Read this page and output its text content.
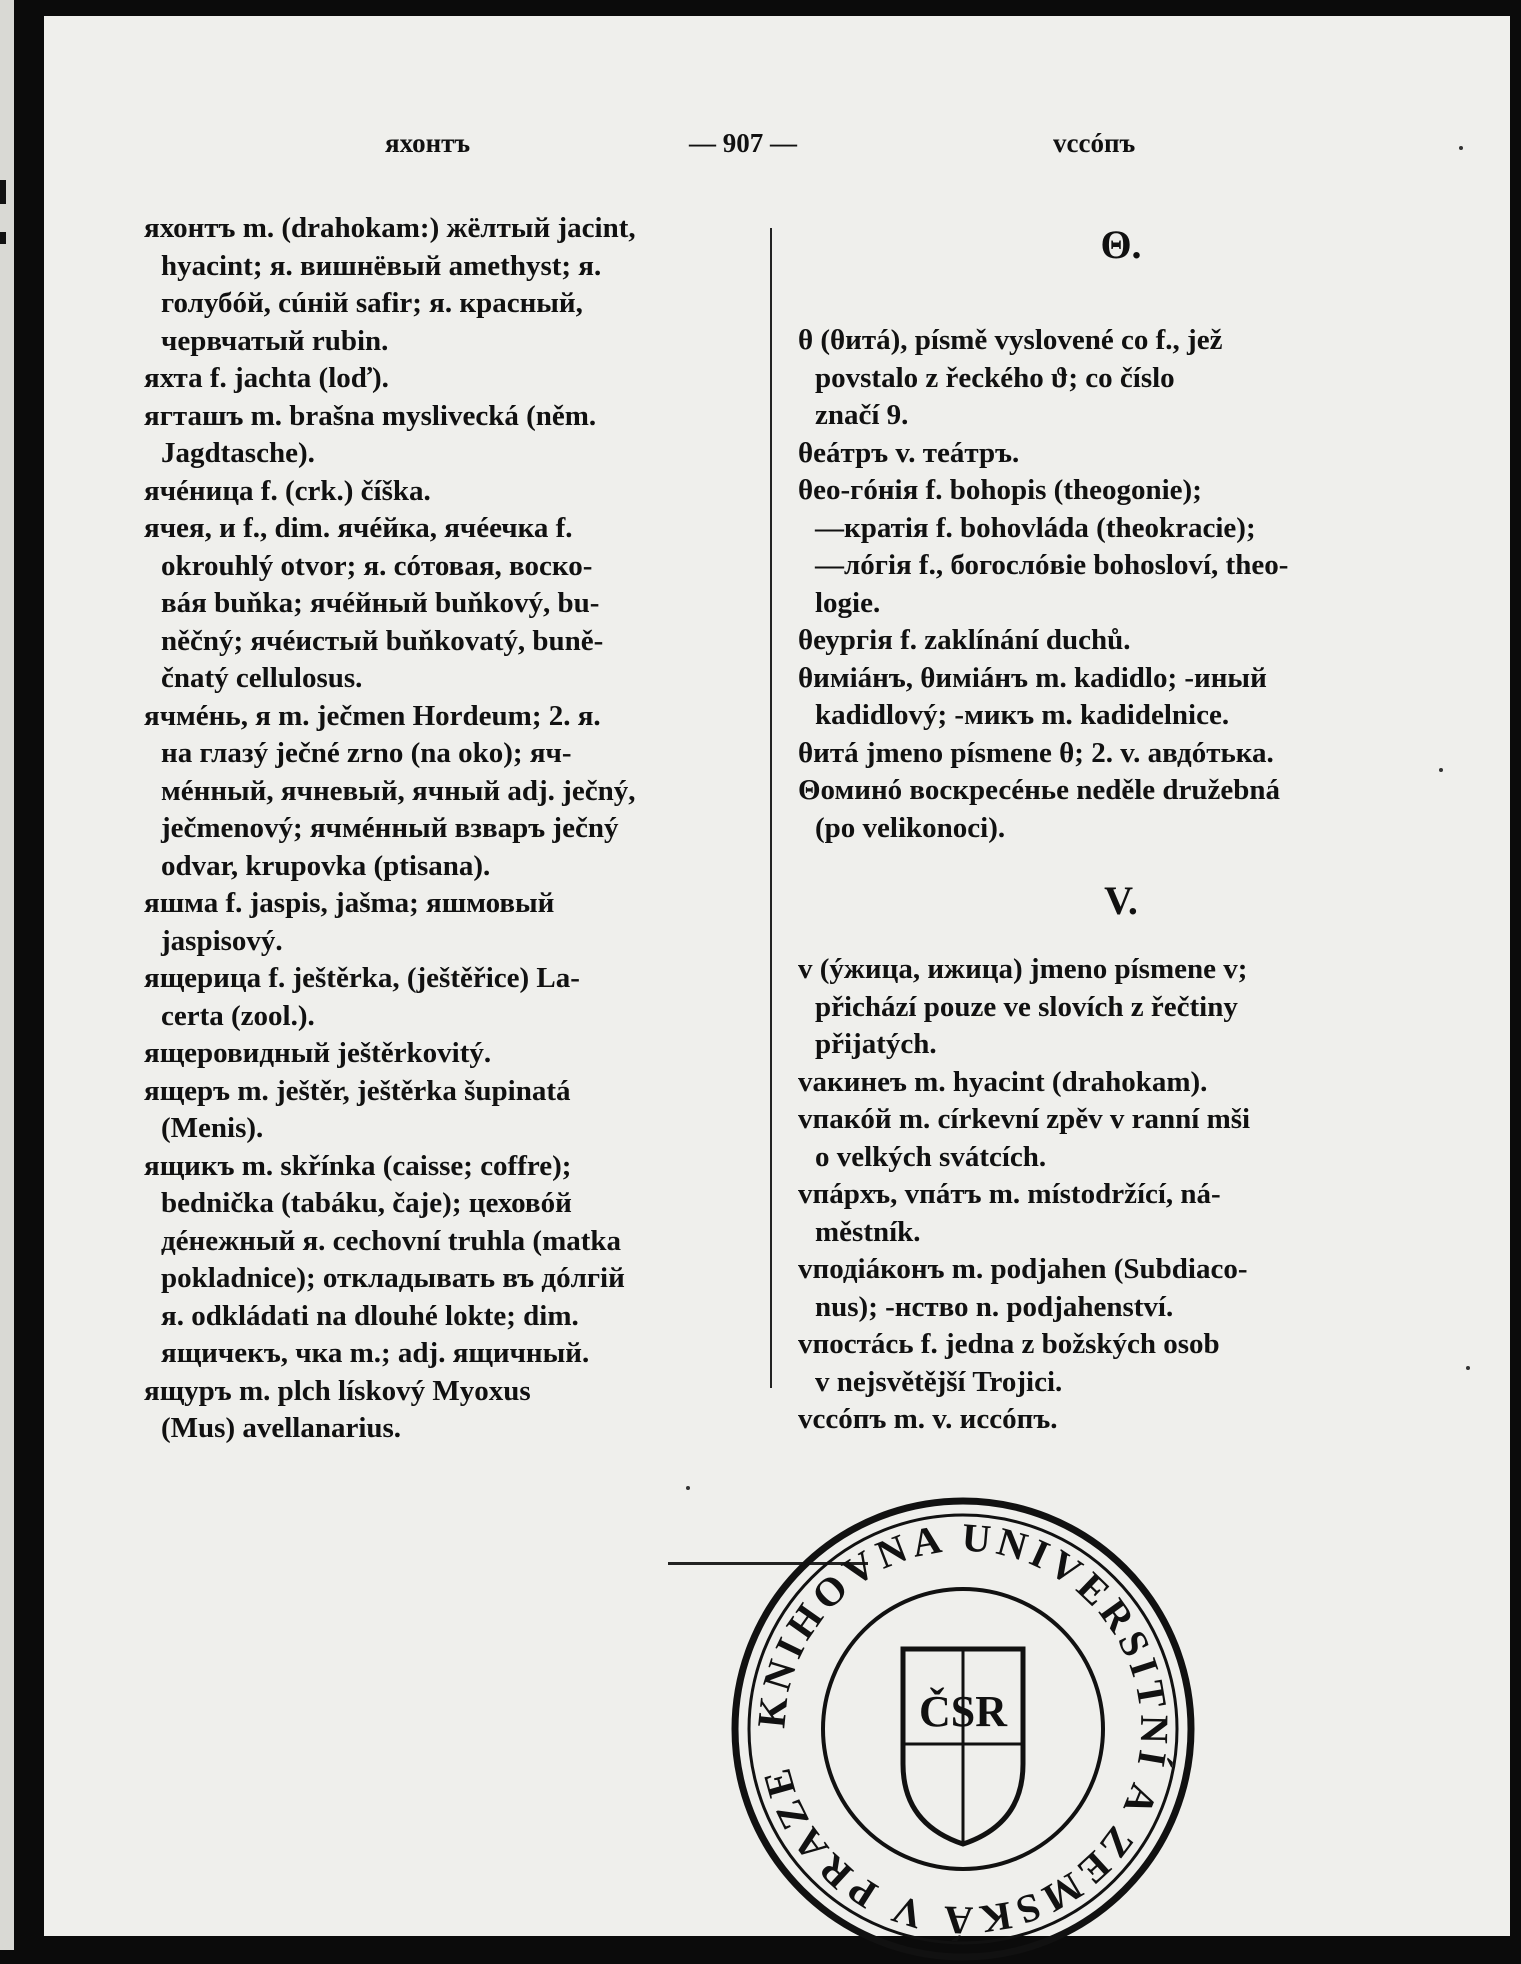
яхонтъ	— 907 —	vссóпъ
яхонтъ m. (drahokam:) жёлтый jacint,
hyacint; я. вишнёвый amethyst; я.
голубóй, сúній safir; я. красный,
червчатый rubin.
яхта f. jachta (loď).
ягташъ m. brašna myslivecká (něm.
Jagdtasche).
ячéница f. (crk.) číška.
ячея, и f., dim. ячéйка, ячéечка f.
okrouhlý otvor; я. сóтовая, воско-
вáя buňka; ячéйный buňkový, bu-
něčný; ячéистый buňkovatý, buně-
čnatý cellulosus.
ячмéнь, я m. ječmen Hordeum; 2. я.
на глазý ječné zrno (na oko); яч-
мéнный, ячневый, ячный adj. ječný,
ječmenový; ячмéнный взваръ ječný
odvar, krupovka (ptisana).
яшма f. jaspis, jašma; яшмовый
jaspisový.
ящерица f. ještěrka, (ještěřice) La-
certa (zool.).
ящеровидный ještěrkovitý.
ящеръ m. ještěr, ještěrka šupinatá
(Menis).
ящикъ m. skřínka (caisse; coffre);
bednička (tabáku, čaje); цеховóй
дéнежный я. cechovní truhla (matka
pokladnice); откладывать въ дóлгій
я. odkládati na dlouhé lokte; dim.
ящичекъ, чка m.; adj. ящичный.
ящуръ m. plch lískový Myoxus
(Mus) avellanarius.
Θ.
θ (θитá), písmě vyslovené co f., jež
povstalo z řeckého ϑ; co číslo
značí 9.
θеáтръ v. теáтръ.
θео-гóнія f. bohopis (theogonie);
—кратія f. bohovláda (theokracie);
—лóгія f., богослóвіе bohosloví, theo-
logie.
θеургія f. zaklínání duchů.
θиміáнъ, θиміáнъ m. kadidlo; -иный
kadidlový; -микъ m. kadidelnice.
θитá jmeno písmene θ; 2. v. авдóтька.
Θоминó воскресéнье neděle družebná
(po velikonoci).
V.
v (ýжица, ижица) jmeno písmene v;
přichází pouze ve slovích z řečtiny
přijatých.
vакинеъ m. hyacint (drahokam).
vпакóй m. církevní zpěv v ranní mši
o velkých svátcích.
vпáрхъ, vпáтъ m. místodržící, ná-
městník.
vподіáконъ m. podjahen (Subdiaco-
nus); -нство n. podjahenství.
vпостáсь f. jedna z božských osob
v nejsvětější Trojici.
vссóпъ m. v. иссóпъ.
KNIHOVNA UNIVERSITNÍ A ZEMSKÁ V PRAZE
ČSR
